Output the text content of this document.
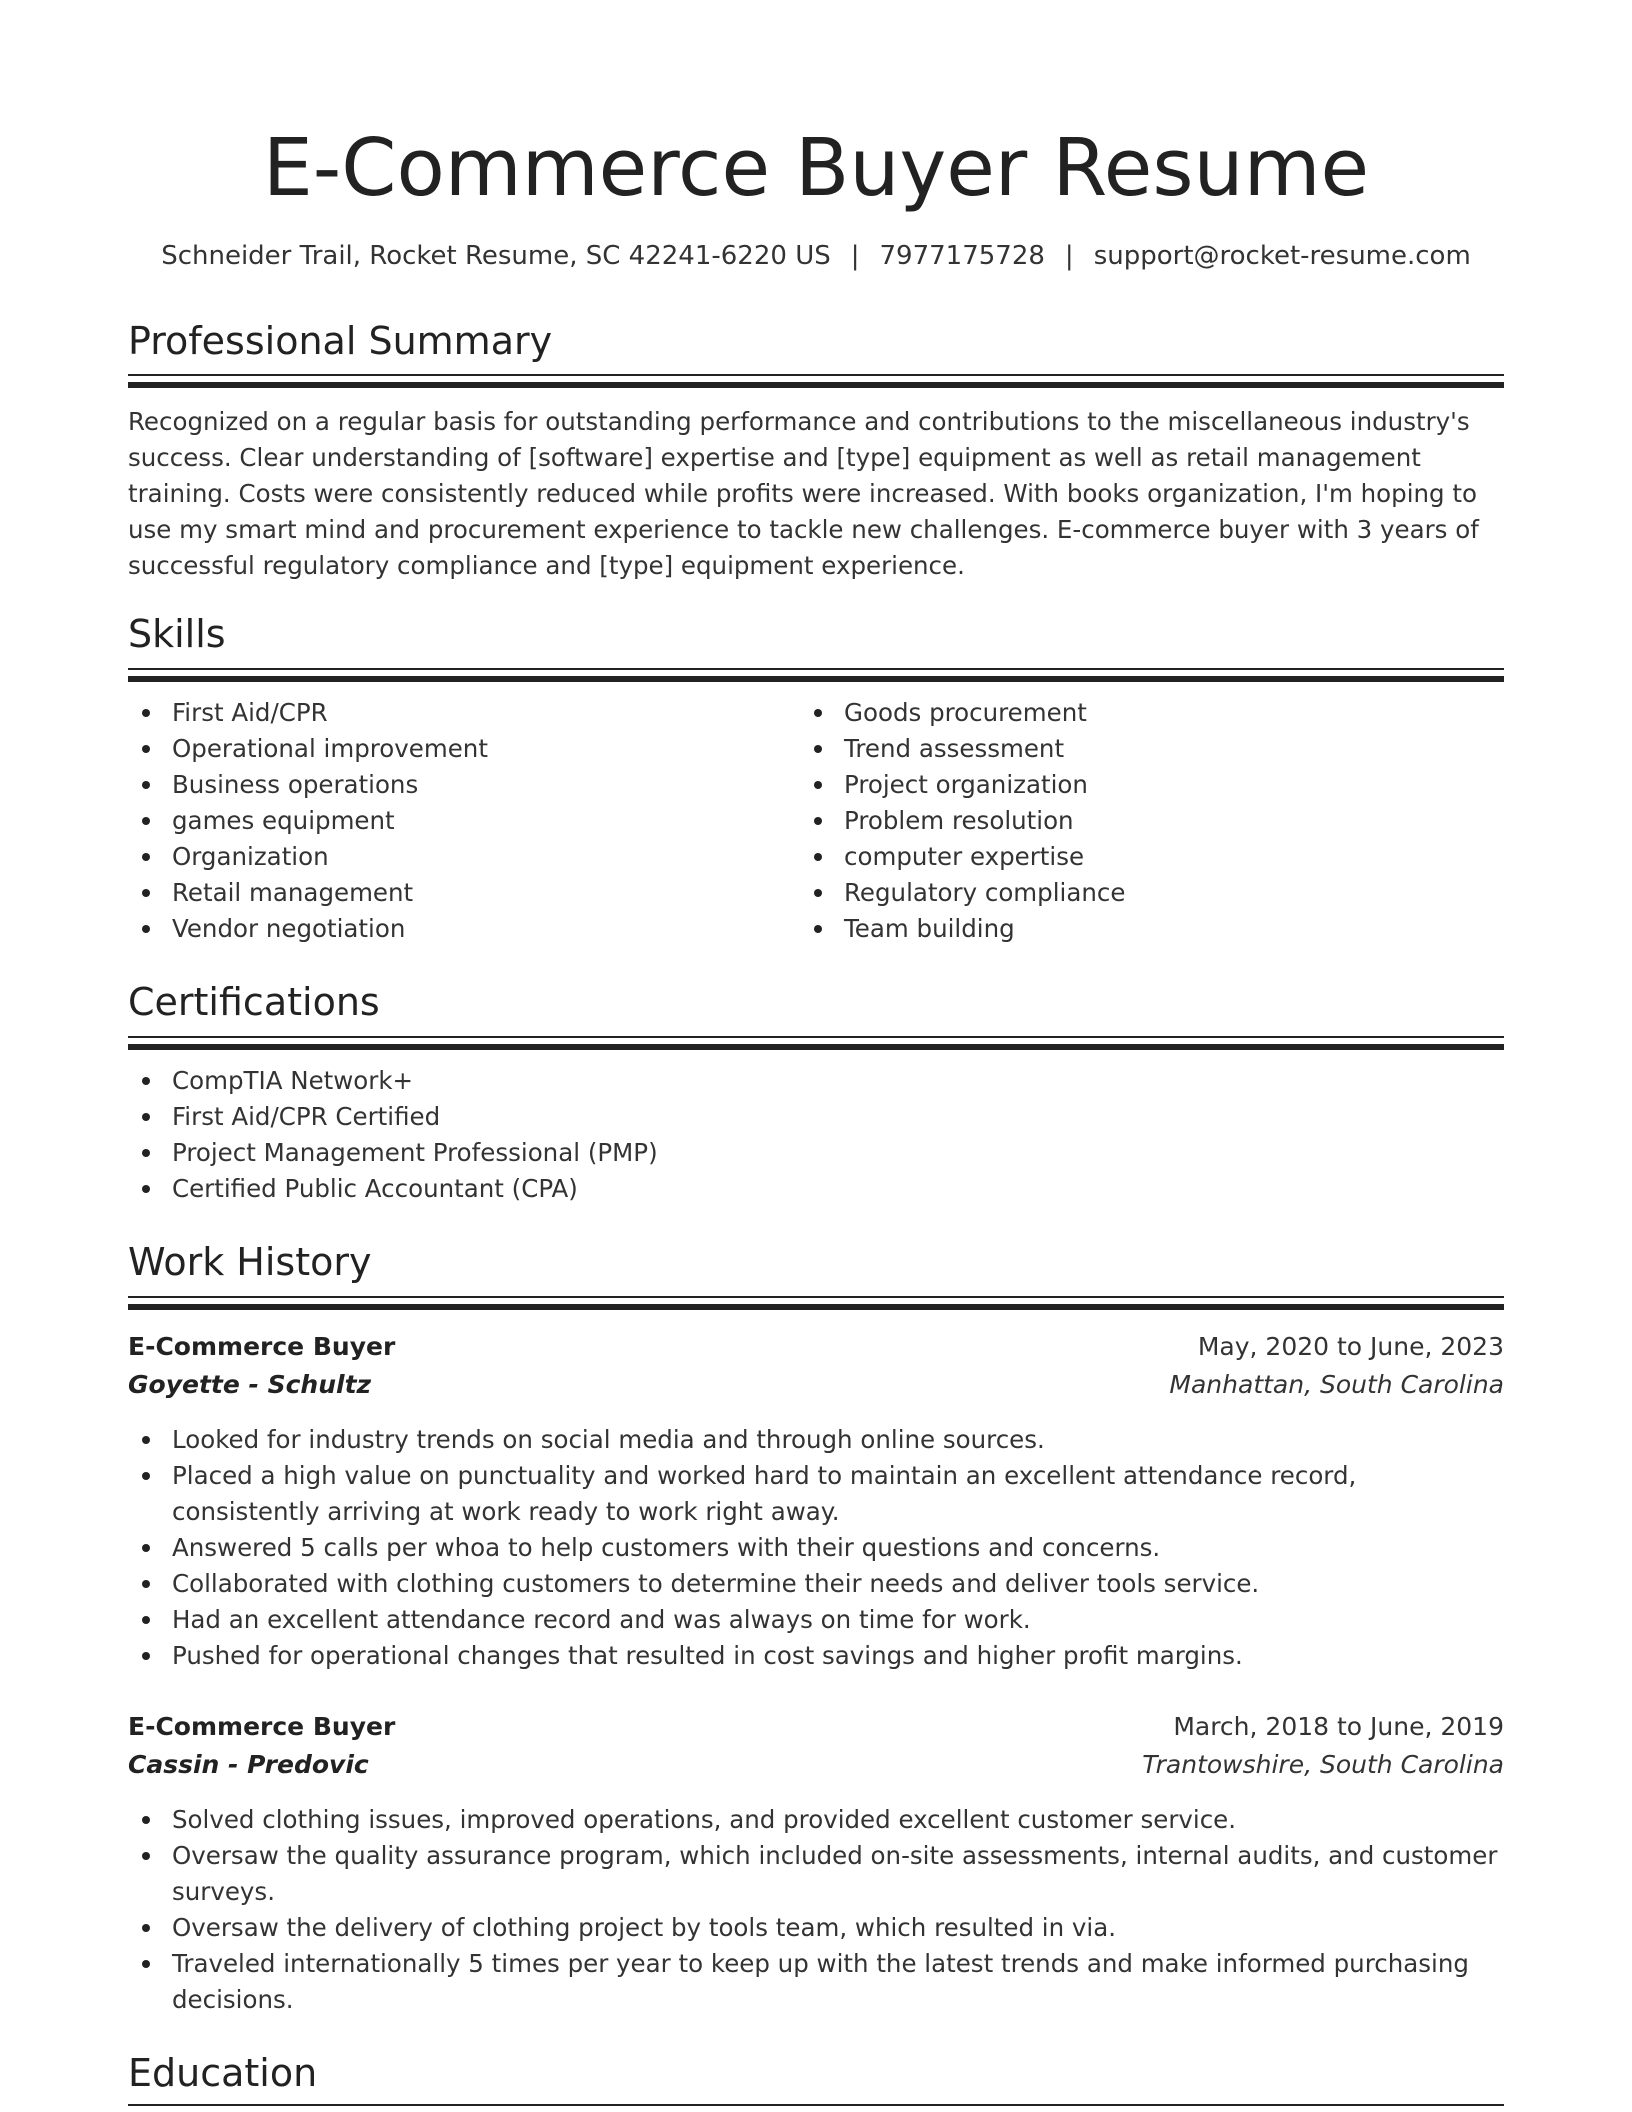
E-Commerce Buyer Resume
Schneider Trail, Rocket Resume, SC 42241-6220 US | 7977175728 | support@rocket-resume.com
Professional Summary
Recognized on a regular basis for outstanding performance and contributions to the miscellaneous industry's success. Clear understanding of [software] expertise and [type] equipment as well as retail management training. Costs were consistently reduced while profits were increased. With books organization, I'm hoping to use my smart mind and procurement experience to tackle new challenges. E-commerce buyer with 3 years of successful regulatory compliance and [type] equipment experience.
Skills
First Aid/CPR
Operational improvement
Business operations
games equipment
Organization
Retail management
Vendor negotiation
Goods procurement
Trend assessment
Project organization
Problem resolution
computer expertise
Regulatory compliance
Team building
Certifications
CompTIA Network+
First Aid/CPR Certified
Project Management Professional (PMP)
Certified Public Accountant (CPA)
Work History
E-Commerce Buyer	May, 2020 to June, 2023
Goyette - Schultz	Manhattan, South Carolina
Looked for industry trends on social media and through online sources.
Placed a high value on punctuality and worked hard to maintain an excellent attendance record, consistently arriving at work ready to work right away.
Answered 5 calls per whoa to help customers with their questions and concerns.
Collaborated with clothing customers to determine their needs and deliver tools service.
Had an excellent attendance record and was always on time for work.
Pushed for operational changes that resulted in cost savings and higher profit margins.
E-Commerce Buyer	March, 2018 to June, 2019
Cassin - Predovic	Trantowshire, South Carolina
Solved clothing issues, improved operations, and provided excellent customer service.
Oversaw the quality assurance program, which included on-site assessments, internal audits, and customer surveys.
Oversaw the delivery of clothing project by tools team, which resulted in via.
Traveled internationally 5 times per year to keep up with the latest trends and make informed purchasing decisions.
Education
